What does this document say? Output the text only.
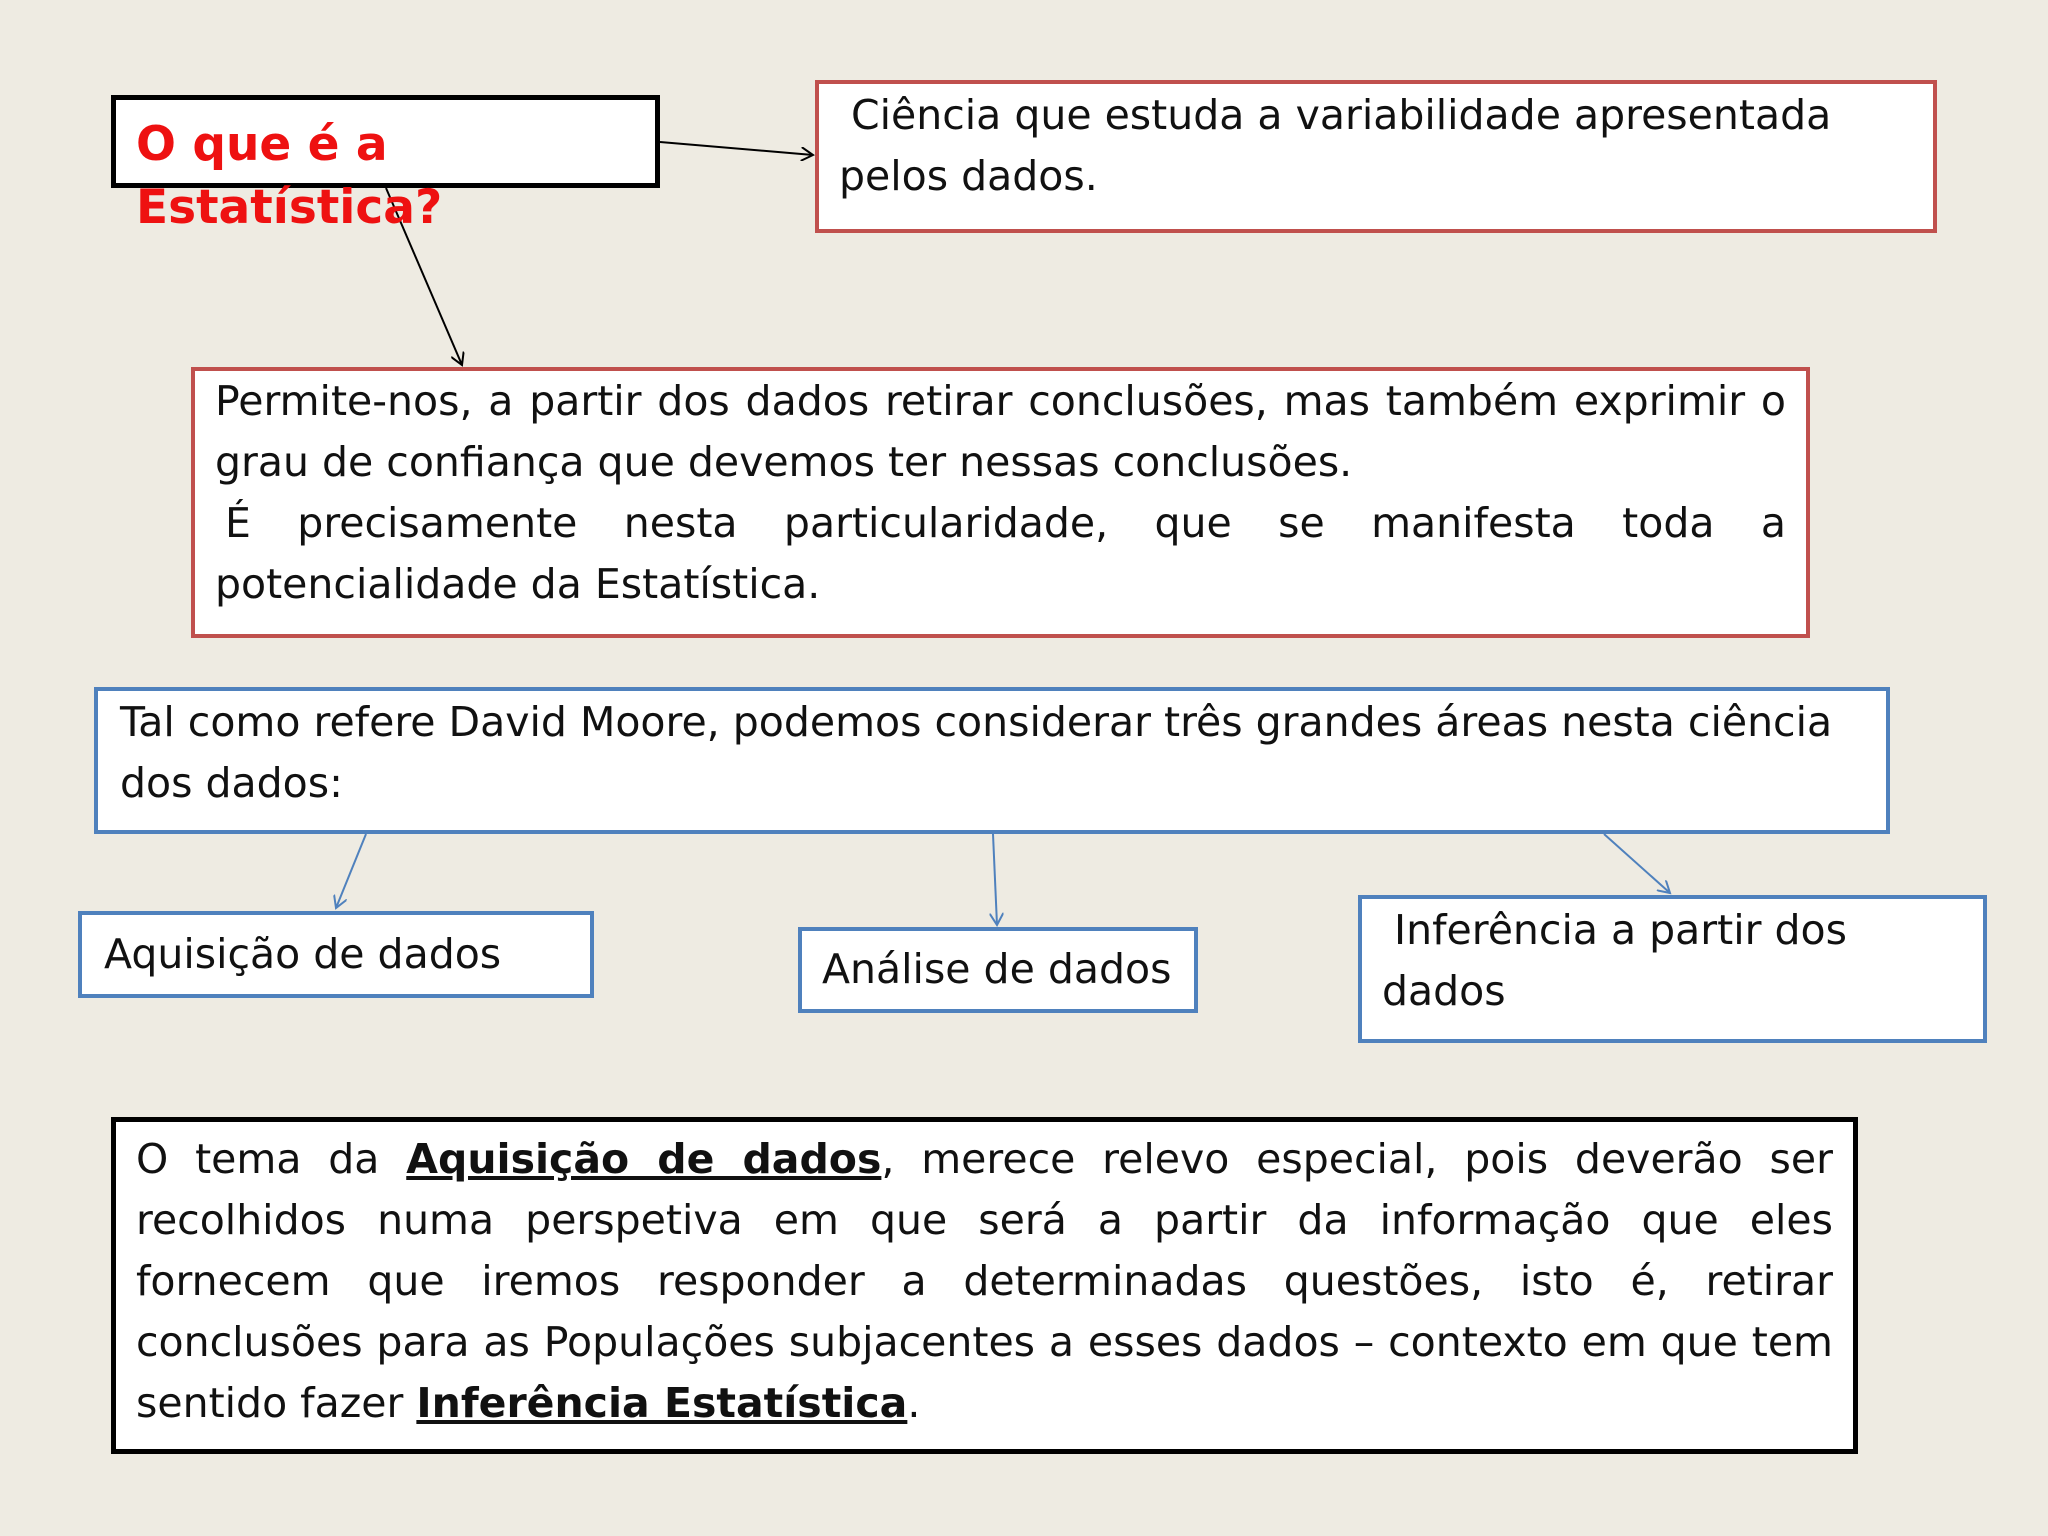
O que é a Estatística?

Ciência que estuda a variabilidade apresentada pelos dados.

Permite-nos, a partir dos dados retirar conclusões, mas também exprimir o grau de confiança que devemos ter nessas conclusões.

É precisamente nesta particularidade, que se manifesta toda a potencialidade da Estatística.

Tal como refere David Moore, podemos considerar três grandes áreas nesta ciência dos dados:

Aquisição de dados	Análise de dados

Inferência a partir dos dados

O tema da Aquisição de dados, merece relevo especial, pois deverão ser recolhidos numa perspetiva em que será a partir da informação que eles fornecem que iremos responder a determinadas questões, isto é, retirar conclusões para as Populações subjacentes a esses dados – contexto em que tem sentido fazer Inferência Estatística.
